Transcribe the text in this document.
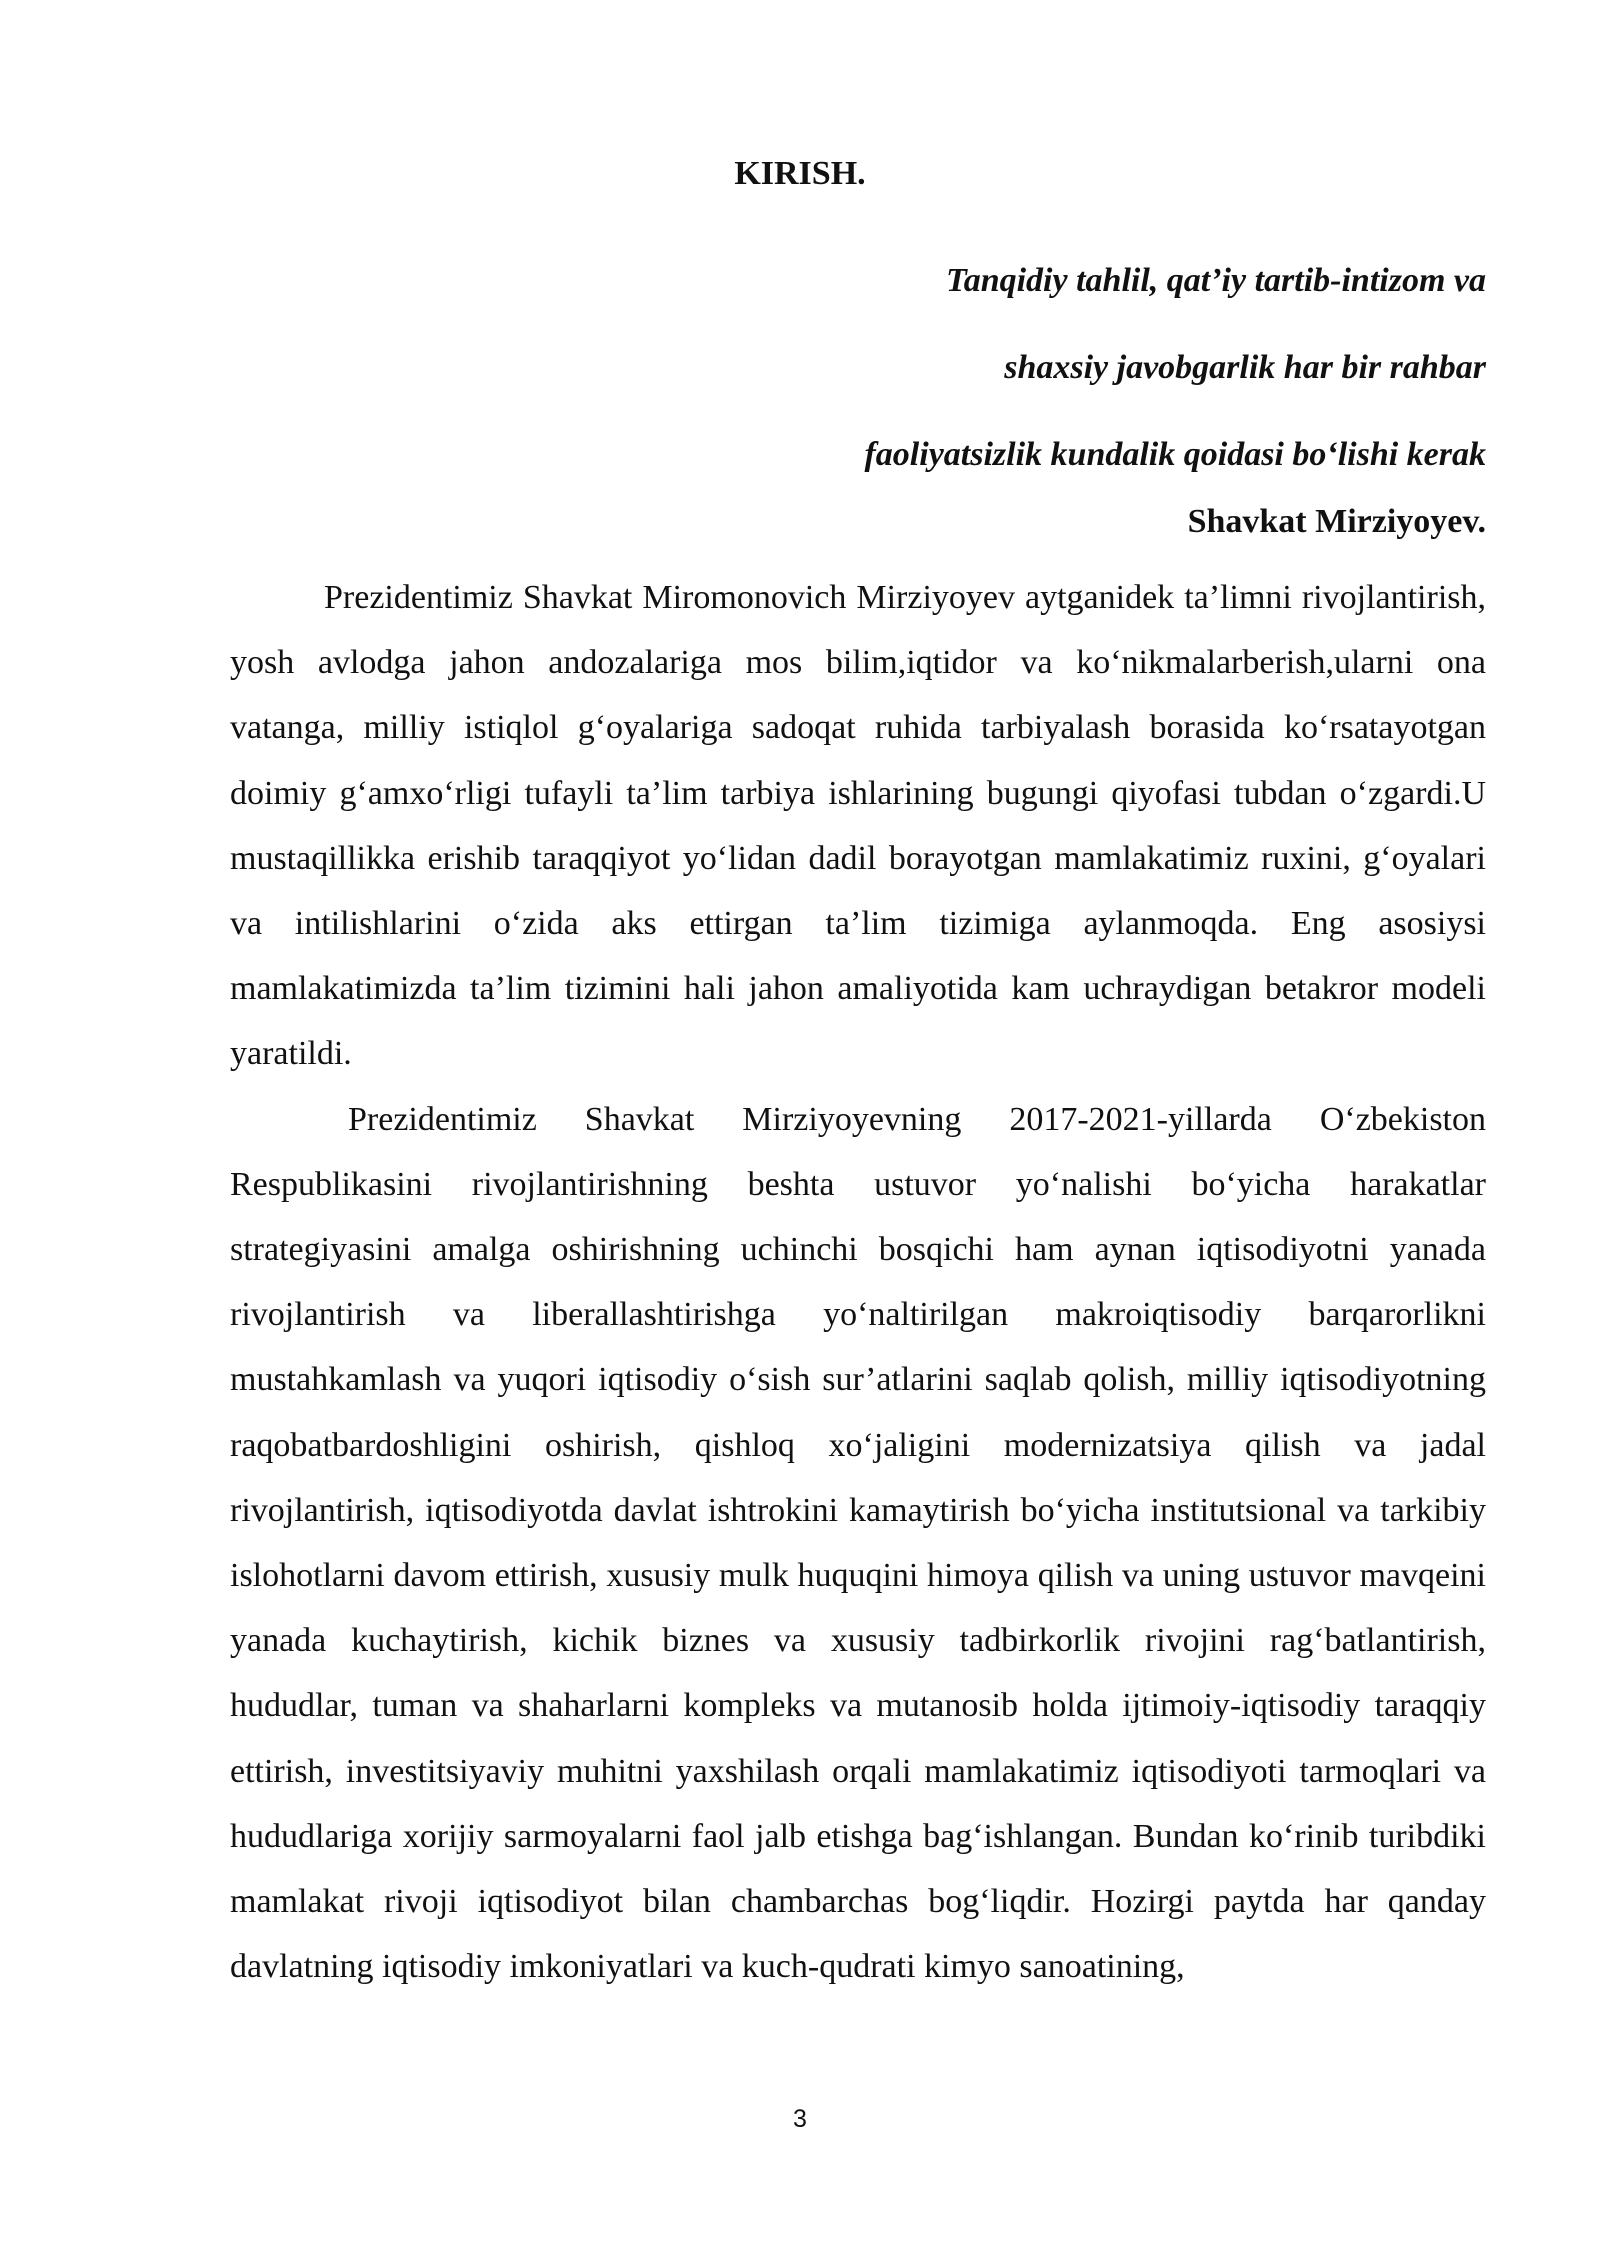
KIRISH.
Tanqidiy tahlil, qat’iy tartib-intizom va
shaxsiy javobgarlik har bir rahbar
faoliyatsizlik kundalik qoidasi bo‘lishi kerak

Shavkat Mirziyoyev.

Prezidentimiz Shavkat Miromonovich Mirziyoyev aytganidek ta’limni rivojlantirish, yosh avlodga jahon andozalariga mos bilim,iqtidor va ko‘nikmalarberish,ularni ona vatanga, milliy istiqlol g‘oyalariga sadoqat ruhida tarbiyalash borasida ko‘rsatayotgan doimiy g‘amxo‘rligi tufayli ta’lim tarbiya ishlarining bugungi qiyofasi tubdan o‘zgardi.U mustaqillikka erishib taraqqiyot yo‘lidan dadil borayotgan mamlakatimiz ruxini, g‘oyalari va intilishlarini o‘zida aks ettirgan ta’lim tizimiga aylanmoqda. Eng asosiysi mamlakatimizda ta’lim tizimini hali jahon amaliyotida kam uchraydigan betakror modeli yaratildi.

Prezidentimiz Shavkat Mirziyoyevning 2017-2021-yillarda O‘zbekiston Respublikasini rivojlantirishning beshta ustuvor yo‘nalishi bo‘yicha harakatlar strategiyasini amalga oshirishning uchinchi bosqichi ham aynan iqtisodiyotni yanada rivojlantirish va liberallashtirishga yo‘naltirilgan makroiqtisodiy barqarorlikni mustahkamlash va yuqori iqtisodiy o‘sish sur’atlarini saqlab qolish, milliy iqtisodiyotning raqobatbardoshligini oshirish, qishloq xo‘jaligini modernizatsiya qilish va jadal rivojlantirish, iqtisodiyotda davlat ishtrokini kamaytirish bo‘yicha institutsional va tarkibiy islohotlarni davom ettirish, xususiy mulk huquqini himoya qilish va uning ustuvor mavqeini yanada kuchaytirish, kichik biznes va xususiy tadbirkorlik rivojini rag‘batlantirish, hududlar, tuman va shaharlarni kompleks va mutanosib holda ijtimoiy-iqtisodiy taraqqiy ettirish, investitsiyaviy muhitni yaxshilash orqali mamlakatimiz iqtisodiyoti tarmoqlari va hududlariga xorijiy sarmoyalarni faol jalb etishga bag‘ishlangan. Bundan ko‘rinib turibdiki mamlakat rivoji iqtisodiyot bilan chambarchas bog‘liqdir. Hozirgi paytda har qanday davlatning iqtisodiy imkoniyatlari va kuch-qudrati kimyo sanoatining,

3
